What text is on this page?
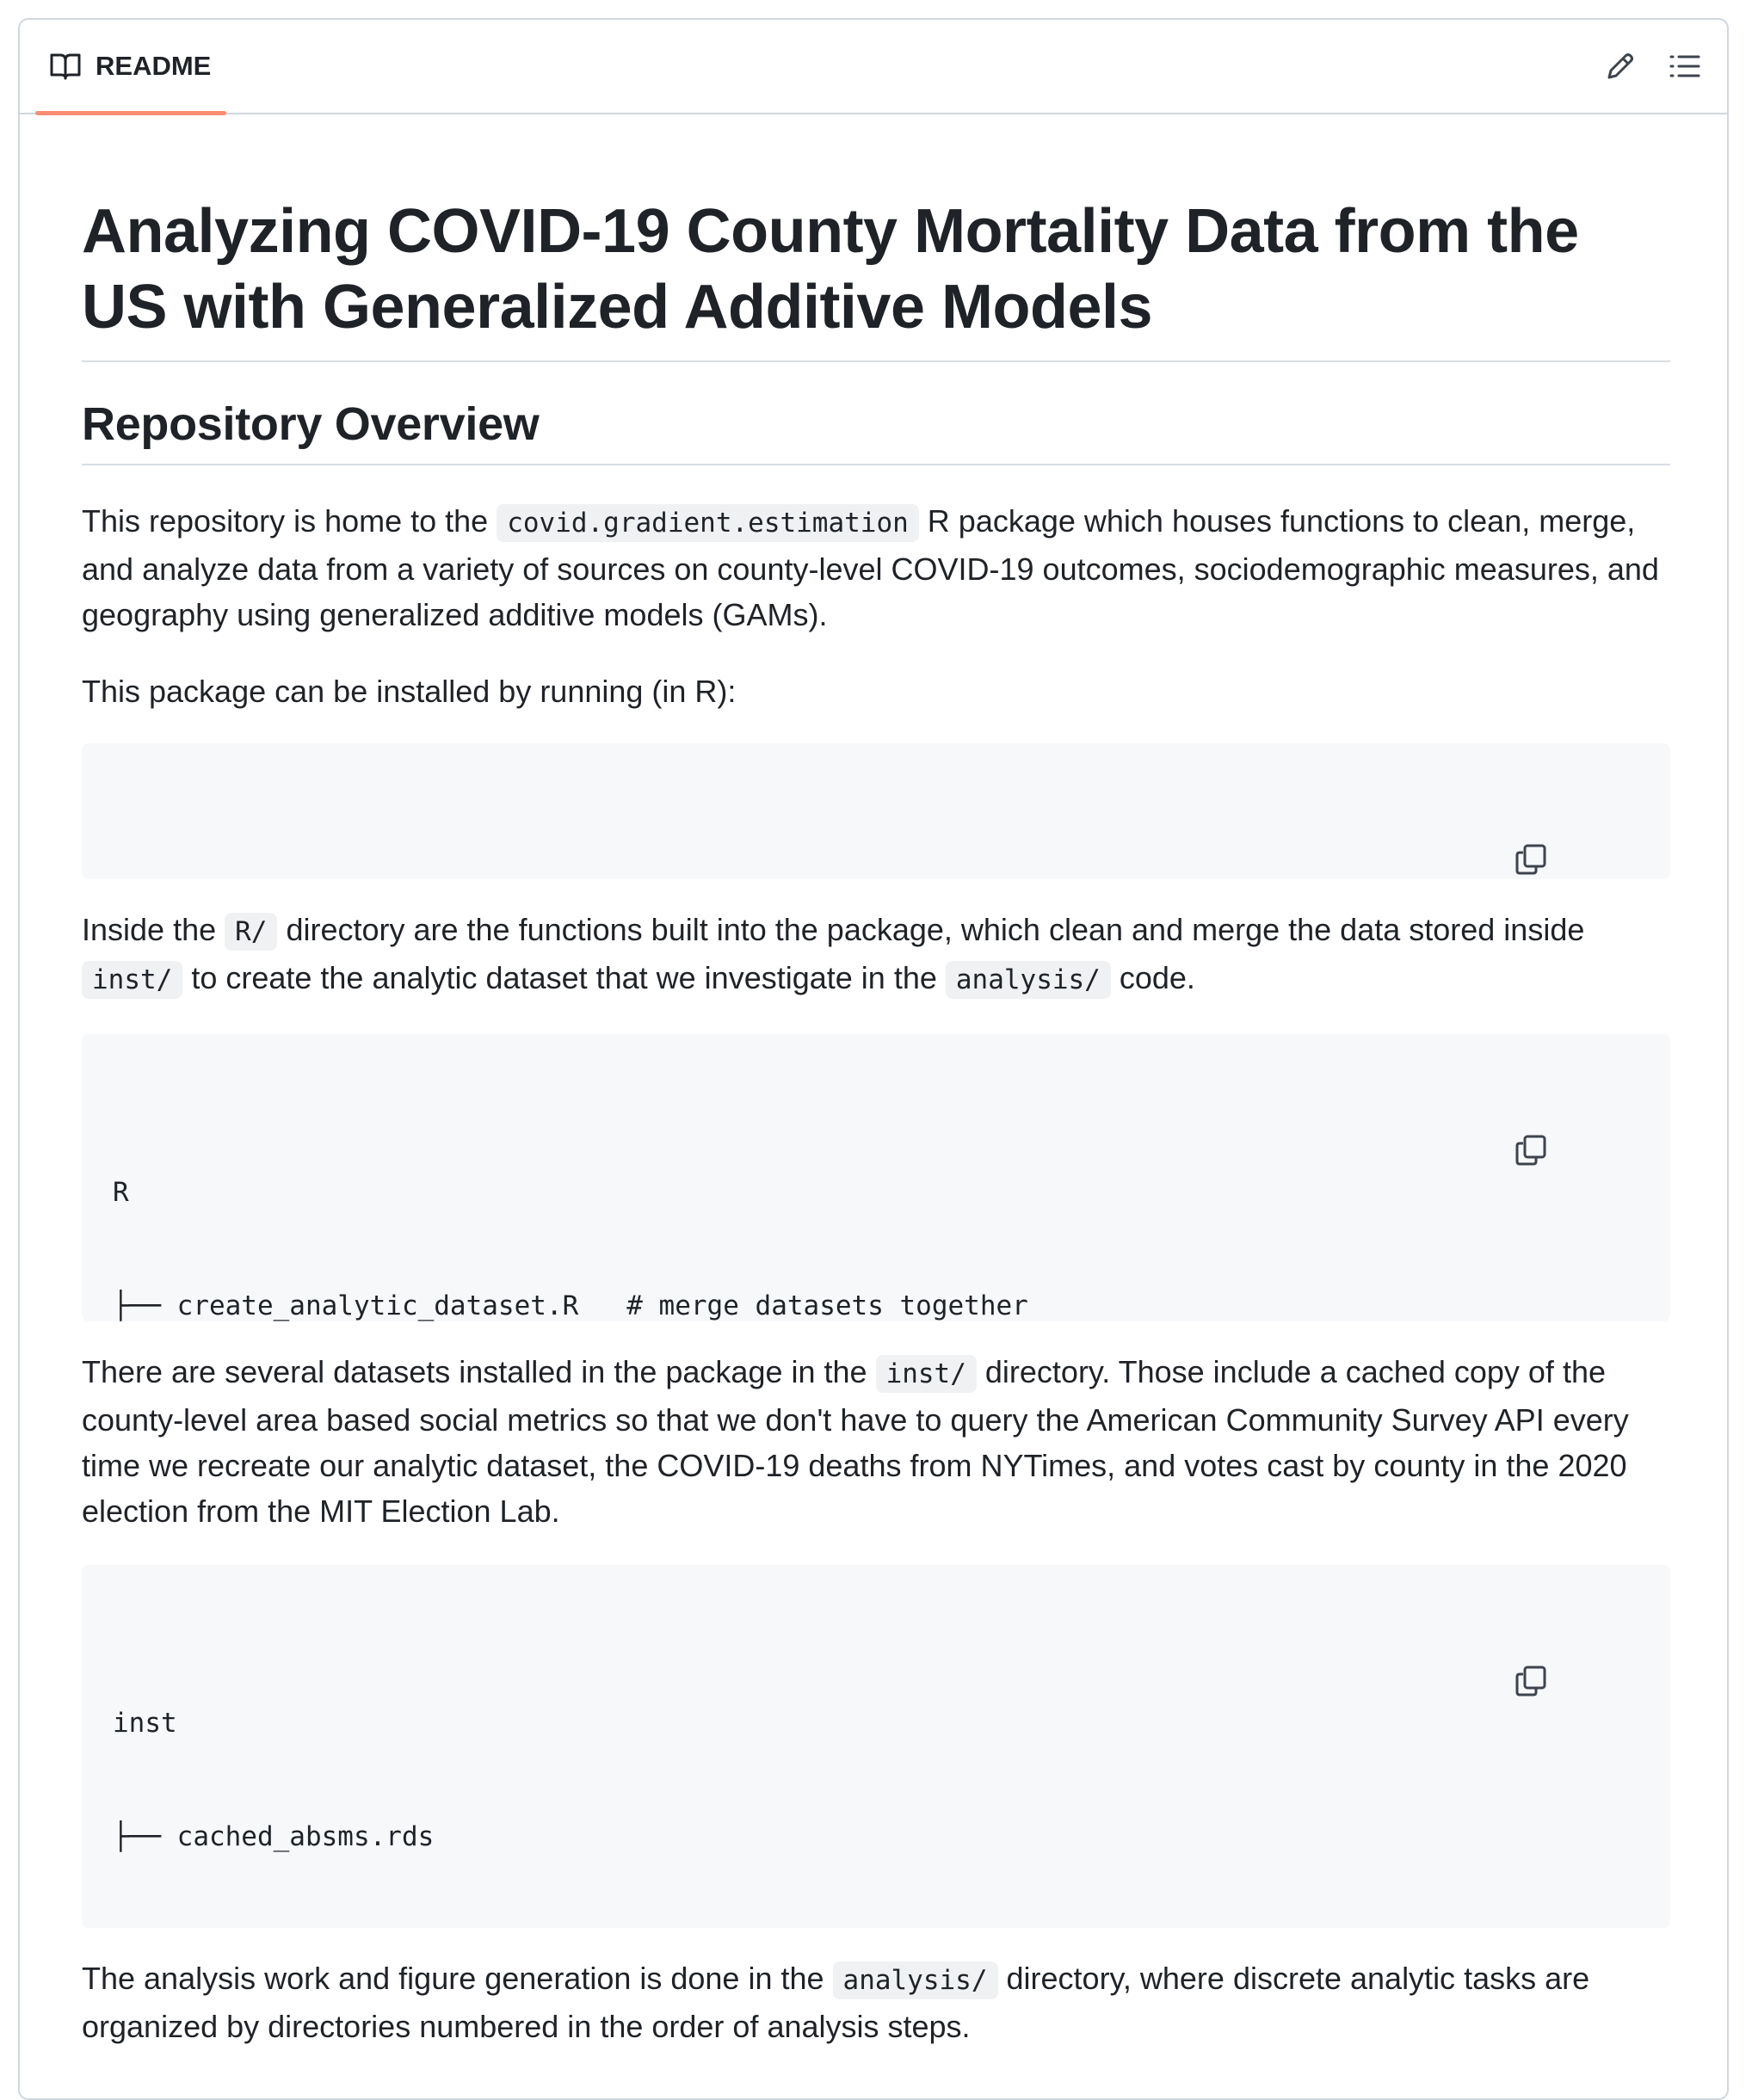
README
Analyzing COVID-19 County Mortality Data from the US with Generalized Additive Models
Repository Overview

This repository is home to the covid.gradient.estimation R package which houses functions to clean, merge, and analyze data from a variety of sources on county-level COVID-19 outcomes, sociodemographic measures, and geography using generalized additive models (GAMs).

This package can be installed by running (in R):

Inside the R/ directory are the functions built into the package, which clean and merge the data stored inside inst/ to create the analytic dataset that we investigate in the analysis/ code.

R

├── create_analytic_dataset.R   # merge datasets together

There are several datasets installed in the package in the inst/ directory. Those include a cached copy of the county-level area based social metrics so that we don't have to query the American Community Survey API every time we recreate our analytic dataset, the COVID-19 deaths from NYTimes, and votes cast by county in the 2020 election from the MIT Election Lab.

inst

├── cached_absms.rds

The analysis work and figure generation is done in the analysis/ directory, where discrete analytic tasks are organized by directories numbered in the order of analysis steps.
